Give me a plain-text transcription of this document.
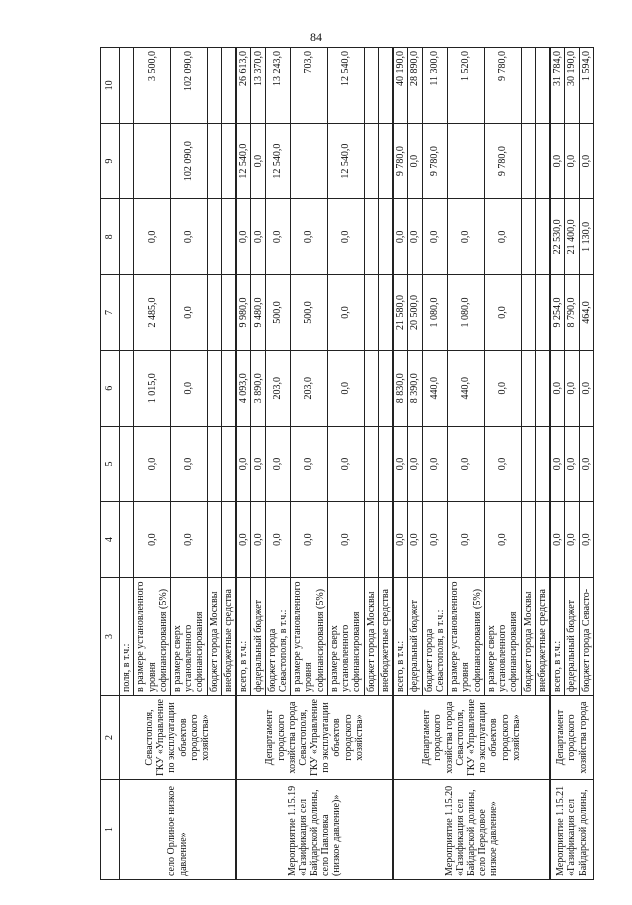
84
1	2	3	4	5	6	7	8	9	10
село Орлиное низкое давление»	Севастополя, ГКУ «Управление по эксплуатации объектов городского хозяйства»	поля, в т.ч.:							
		в размере установленного уровня софинансирования (5%)	0,0	0,0	1 015,0	2 485,0	0,0		3 500,0
		в размере сверх установленного софинансирования	0,0	0,0	0,0	0,0	0,0	102 090,0	102 090,0
		бюджет города Москвы							
		внебюджетные средства							
Мероприятие 1.15.19 «Газификация сел Байдарской долины, село Павловка (низкое давление)»	Департамент городского хозяйства города Севастополя, ГКУ «Управление по эксплуатации объектов городского хозяйства»	всего, в т.ч.:	0,0	0,0	4 093,0	9 980,0	0,0	12 540,0	26 613,0
		федеральный бюджет	0,0	0,0	3 890,0	9 480,0	0,0	0,0	13 370,0
		бюджет города Севастополя, в т.ч.:	0,0	0,0	203,0	500,0	0,0	12 540,0	13 243,0
		в размере установленного уровня софинансирования (5%)	0,0	0,0	203,0	500,0	0,0		703,0
		в размере сверх установленного софинансирования	0,0	0,0	0,0	0,0	0,0	12 540,0	12 540,0
		бюджет города Москвы							
		внебюджетные средства							
Мероприятие 1.15.20 «Газификация сел Байдарской долины, село Передовое низкое давление»	Департамент городского хозяйства города Севастополя, ГКУ «Управление по эксплуатации объектов городского хозяйства»	всего, в т.ч.:	0,0	0,0	8 830,0	21 580,0	0,0	9 780,0	40 190,0
		федеральный бюджет	0,0	0,0	8 390,0	20 500,0	0,0	0,0	28 890,0
		бюджет города Севастополя, в т.ч.:	0,0	0,0	440,0	1 080,0	0,0	9 780,0	11 300,0
		в размере установленного уровня софинансирования (5%)	0,0	0,0	440,0	1 080,0	0,0		1 520,0
		в размере сверх установленного софинансирования	0,0	0,0	0,0	0,0	0,0	9 780,0	9 780,0
		бюджет города Москвы							
		внебюджетные средства							
Мероприятие 1.15.21 «Газификация сел Байдарской долины,	Департамент городского хозяйства города	всего, в т.ч.:	0,0	0,0	0,0	9 254,0	22 530,0	0,0	31 784,0
		федеральный бюджет	0,0	0,0	0,0	8 790,0	21 400,0	0,0	30 190,0
		бюджет города Севасто-	0,0	0,0	0,0	464,0	1 130,0	0,0	1 594,0
